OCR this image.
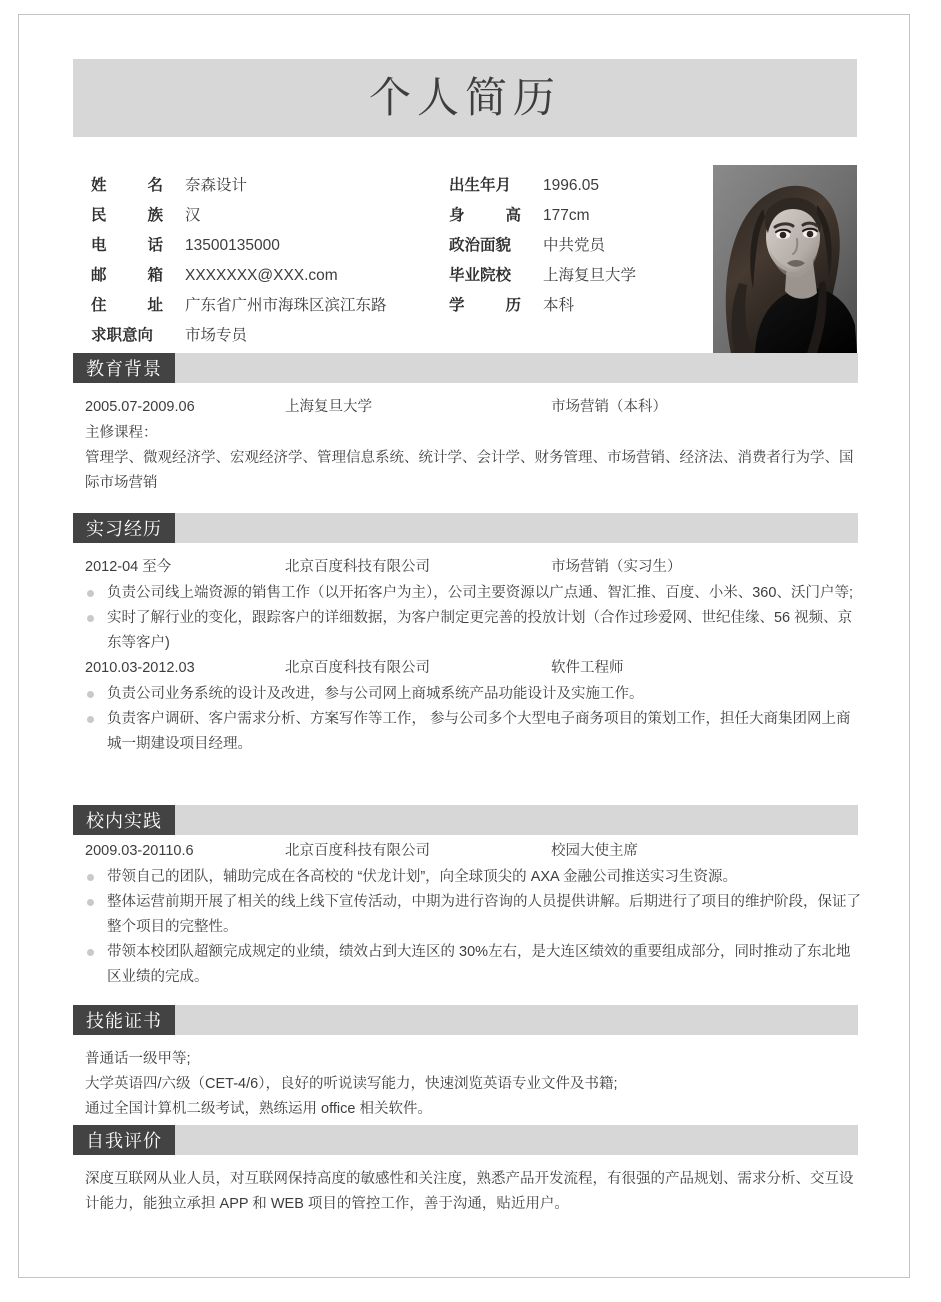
个人简历
姓	名	奈森设计
民	族	汉
电	话	13500135000
邮	箱	XXXXXXX@XXX.com
住	址	广东省广州市海珠区滨江东路
求职意向	市场专员
出生年月	1996.05
身	高	177cm
政治面貌	中共党员
毕业院校	上海复旦大学
学	历	本科
教育背景
2005.07-2009.06	上海复旦大学	市场营销（本科）
主修课程：
管理学、微观经济学、宏观经济学、管理信息系统、统计学、会计学、财务管理、市场营销、经济法、消费者行为学、国际市场营销
实习经历
2012-04 至今	北京百度科技有限公司	市场营销（实习生）
负责公司线上端资源的销售工作（以开拓客户为主），公司主要资源以广点通、智汇推、百度、小米、360、沃门户等;
实时了解行业的变化，跟踪客户的详细数据，为客户制定更完善的投放计划（合作过珍爱网、世纪佳缘、56 视频、京东等客户)
2010.03-2012.03	北京百度科技有限公司	软件工程师
负责公司业务系统的设计及改进，参与公司网上商城系统产品功能设计及实施工作。
负责客户调研、客户需求分析、方案写作等工作， 参与公司多个大型电子商务项目的策划工作，担任大商集团网上商城一期建设项目经理。
校内实践
2009.03-20110.6	北京百度科技有限公司	校园大使主席
带领自己的团队，辅助完成在各高校的 “伏龙计划”，向全球顶尖的 AXA 金融公司推送实习生资源。
整体运营前期开展了相关的线上线下宣传活动，中期为进行咨询的人员提供讲解。后期进行了项目的维护阶段，保证了整个项目的完整性。
带领本校团队超额完成规定的业绩，绩效占到大连区的 30%左右，是大连区绩效的重要组成部分，同时推动了东北地区业绩的完成。
技能证书
普通话一级甲等;
大学英语四/六级（CET-4/6），良好的听说读写能力，快速浏览英语专业文件及书籍;
通过全国计算机二级考试，熟练运用 office 相关软件。
自我评价
深度互联网从业人员，对互联网保持高度的敏感性和关注度，熟悉产品开发流程，有很强的产品规划、需求分析、交互设计能力，能独立承担 APP 和 WEB 项目的管控工作，善于沟通，贴近用户。
